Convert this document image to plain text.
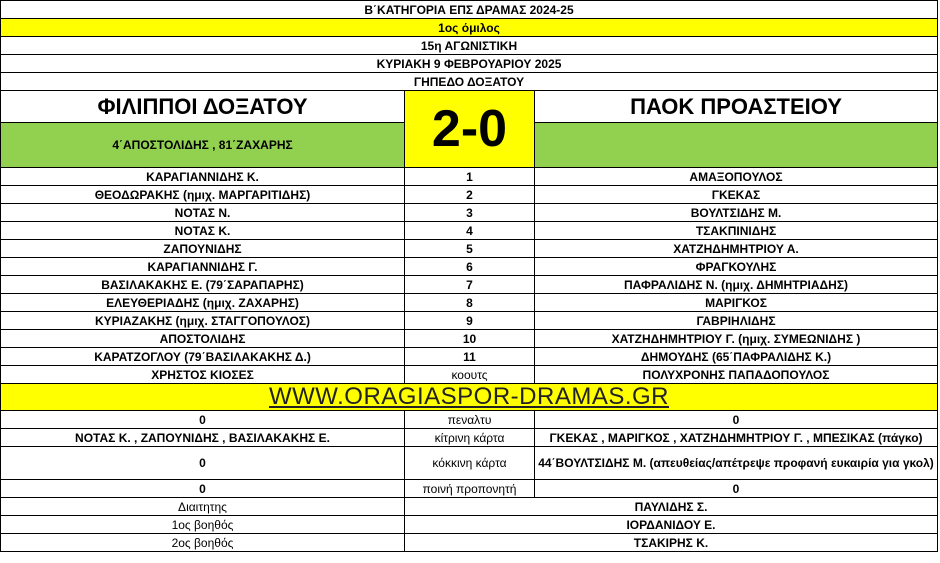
Β΄ΚΑΤΗΓΟΡΙΑ ΕΠΣ ΔΡΑΜΑΣ 2024-25		
1ος όμιλος		
15η ΑΓΩΝΙΣΤΙΚΗ		
ΚΥΡΙΑΚΗ 9 ΦΕΒΡΟΥΑΡΙΟΥ 2025		
ΓΗΠΕΔΟ ΔΟΞΑΤΟΥ		
ΦΙΛΙΠΠΟΙ ΔΟΞΑΤΟΥ	2-0	ΠΑΟΚ ΠΡΟΑΣΤΕΙΟΥ
4΄ΑΠΟΣΤΟΛΙΔΗΣ , 81΄ΖΑΧΑΡΗΣ		
ΚΑΡΑΓΙΑΝΝΙΔΗΣ Κ.	1	ΑΜΑΞΟΠΟΥΛΟΣ
ΘΕΟΔΩΡΑΚΗΣ (ημιχ. ΜΑΡΓΑΡΙΤΙΔΗΣ)	2	ΓΚΕΚΑΣ
ΝΟΤΑΣ Ν.	3	ΒΟΥΛΤΣΙΔΗΣ Μ.
ΝΟΤΑΣ Κ.	4	ΤΣΑΚΠΙΝΙΔΗΣ
ΖΑΠΟΥΝΙΔΗΣ	5	ΧΑΤΖΗΔΗΜΗΤΡΙΟΥ Α.
ΚΑΡΑΓΙΑΝΝΙΔΗΣ Γ.	6	ΦΡΑΓΚΟΥΛΗΣ
ΒΑΣΙΛΑΚΑΚΗΣ Ε. (79΄ΣΑΡΑΠΑΡΗΣ)	7	ΠΑΦΡΑΛΙΔΗΣ Ν. (ημιχ. ΔΗΜΗΤΡΙΑΔΗΣ)
ΕΛΕΥΘΕΡΙΑΔΗΣ (ημιχ. ΖΑΧΑΡΗΣ)	8	ΜΑΡΙΓΚΟΣ
ΚΥΡΙΑΖΑΚΗΣ (ημιχ. ΣΤΑΓΓΟΠΟΥΛΟΣ)	9	ΓΑΒΡΙΗΛΙΔΗΣ
ΑΠΟΣΤΟΛΙΔΗΣ	10	ΧΑΤΖΗΔΗΜΗΤΡΙΟΥ Γ. (ημιχ. ΣΥΜΕΩΝΙΔΗΣ )
ΚΑΡΑΤΖΟΓΛΟΥ (79΄ΒΑΣΙΛΑΚΑΚΗΣ Δ.)	11	ΔΗΜΟΥΔΗΣ (65΄ΠΑΦΡΑΛΙΔΗΣ Κ.)
ΧΡΗΣΤΟΣ ΚΙΟΣΕΣ	κοουτς	ΠΟΛΥΧΡΟΝΗΣ ΠΑΠΑΔΟΠΟΥΛΟΣ
WWW.ORAGIASPOR-DRAMAS.GR		
0	πεναλτυ	0
ΝΟΤΑΣ Κ. , ΖΑΠΟΥΝΙΔΗΣ , ΒΑΣΙΛΑΚΑΚΗΣ Ε.	κίτρινη κάρτα	ΓΚΕΚΑΣ , ΜΑΡΙΓΚΟΣ , ΧΑΤΖΗΔΗΜΗΤΡΙΟΥ Γ. , ΜΠΕΣΙΚΑΣ (πάγκο)
0	κόκκινη κάρτα	44΄ΒΟΥΛΤΣΙΔΗΣ Μ. (απευθείας/απέτρεψε προφανή ευκαιρία για γκολ)
0	ποινή προπονητή	0
Διαιτητης	ΠΑΥΛΙΔΗΣ Σ.	
1ος βοηθός	ΙΟΡΔΑΝΙΔΟΥ Ε.	
2ος βοηθός	ΤΣΑΚΙΡΗΣ Κ.	
